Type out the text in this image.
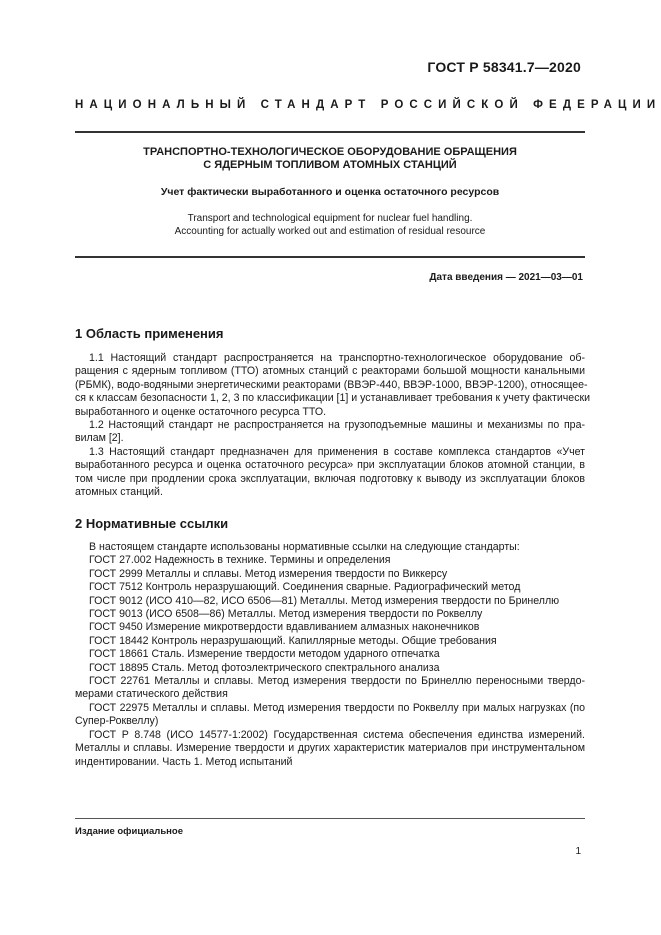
ГОСТ Р 58341.7—2020
НАЦИОНАЛЬНЫЙ СТАНДАРТ РОССИЙСКОЙ ФЕДЕРАЦИИ
ТРАНСПОРТНО-ТЕХНОЛОГИЧЕСКОЕ ОБОРУДОВАНИЕ ОБРАЩЕНИЯ
С ЯДЕРНЫМ ТОПЛИВОМ АТОМНЫХ СТАНЦИЙ
Учет фактически выработанного и оценка остаточного ресурсов
Transport and technological equipment for nuclear fuel handling.
Accounting for actually worked out and estimation of residual resource
Дата введения — 2021—03—01
1 Область применения
1.1 Настоящий стандарт распространяется на транспортно-технологическое оборудование об-
ращения с ядерным топливом (ТТО) атомных станций с реакторами большой мощности канальными
(РБМК), водо-водяными энергетическими реакторами (ВВЭР-440, ВВЭР-1000, ВВЭР-1200), относящее-
ся к классам безопасности 1, 2, 3 по классификации [1] и устанавливает требования к учету фактически
выработанного и оценке остаточного ресурса ТТО.
1.2 Настоящий стандарт не распространяется на грузоподъемные машины и механизмы по пра-
вилам [2].
1.3 Настоящий стандарт предназначен для применения в составе комплекса стандартов «Учет
выработанного ресурса и оценка остаточного ресурса» при эксплуатации блоков атомной станции, в
том числе при продлении срока эксплуатации, включая подготовку к выводу из эксплуатации блоков
атомных станций.
2 Нормативные ссылки
В настоящем стандарте использованы нормативные ссылки на следующие стандарты:
ГОСТ 27.002 Надежность в технике. Термины и определения
ГОСТ 2999 Металлы и сплавы. Метод измерения твердости по Виккерсу
ГОСТ 7512 Контроль неразрушающий. Соединения сварные. Радиографический метод
ГОСТ 9012 (ИСО 410—82, ИСО 6506—81) Металлы. Метод измерения твердости по Бринеллю
ГОСТ 9013 (ИСО 6508—86) Металлы. Метод измерения твердости по Роквеллу
ГОСТ 9450 Измерение микротвердости вдавливанием алмазных наконечников
ГОСТ 18442 Контроль неразрушающий. Капиллярные методы. Общие требования
ГОСТ 18661 Сталь. Измерение твердости методом ударного отпечатка
ГОСТ 18895 Сталь. Метод фотоэлектрического спектрального анализа
ГОСТ 22761 Металлы и сплавы. Метод измерения твердости по Бринеллю переносными твердо-
мерами статического действия
ГОСТ 22975 Металлы и сплавы. Метод измерения твердости по Роквеллу при малых нагрузках (по
Супер-Роквеллу)
ГОСТ Р 8.748 (ИСО 14577-1:2002) Государственная система обеспечения единства измерений.
Металлы и сплавы. Измерение твердости и других характеристик материалов при инструментальном
индентировании. Часть 1. Метод испытаний
Издание официальное
1
